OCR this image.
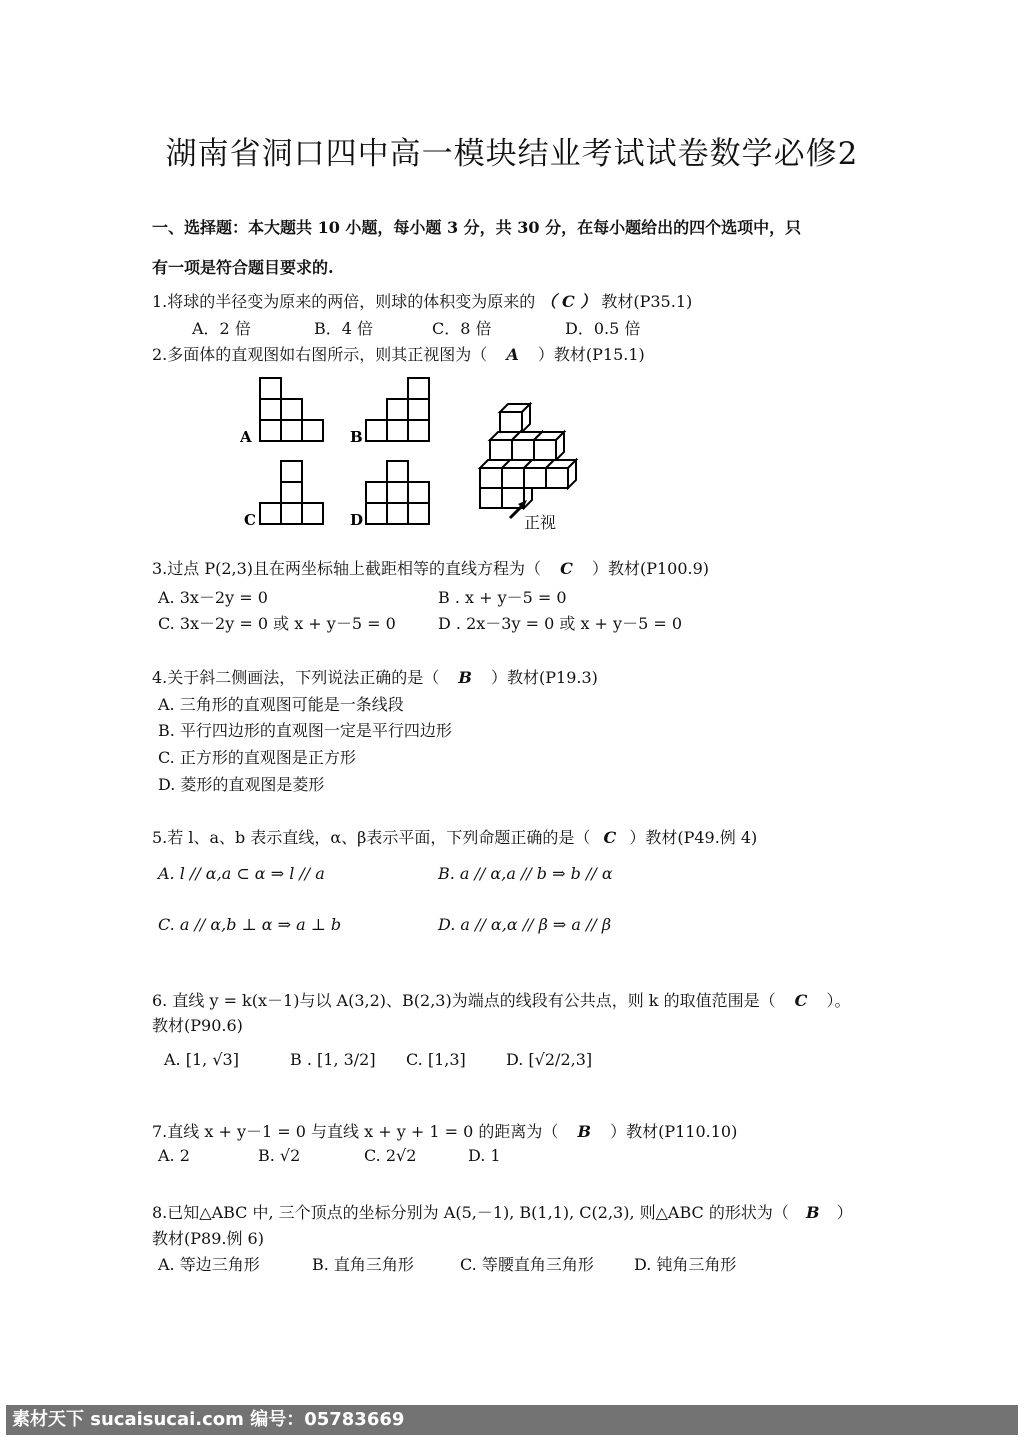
湖南省洞口四中高一模块结业考试试卷数学必修2
一、选择题：本大题共 10 小题，每小题 3 分，共 30 分，在每小题给出的四个选项中，只
有一项是符合题目要求的.
1.将球的半径变为原来的两倍，则球的体积变为原来的 （ C ） 教材(P35.1)
A．2 倍	B．4 倍	C．8 倍	D．0.5 倍
2.多面体的直观图如右图所示，则其正视图为（ A ）教材(P15.1)
A	B
C	D	正视
3.过点 P(2,3)且在两坐标轴上截距相等的直线方程为（ C ）教材(P100.9)
A. 3x－2y = 0	B . x + y－5 = 0
C. 3x－2y = 0 或 x + y－5 = 0	D . 2x－3y = 0 或 x + y－5 = 0
4.关于斜二侧画法，下列说法正确的是（ B ）教材(P19.3)
A. 三角形的直观图可能是一条线段
B. 平行四边形的直观图一定是平行四边形
C. 正方形的直观图是正方形
D. 菱形的直观图是菱形
5.若 l、a、b 表示直线，α、β表示平面，下列命题正确的是（ C ）教材(P49.例 4)
A. l // α,a ⊂ α ⇒ l // a	B. a // α,a // b ⇒ b // α
C. a // α,b ⊥ α ⇒ a ⊥ b	D. a // α,α // β ⇒ a // β
6. 直线 y = k(x－1)与以 A(3,2)、B(2,3)为端点的线段有公共点，则 k 的取值范围是（ C ）。
教材(P90.6)
A. [1, √3]	B . [1, 3/2] C. [1,3]	D. [√2/2,3]
7.直线 x + y－1 = 0 与直线 x + y + 1 = 0 的距离为（ B ）教材(P110.10)
A. 2	B. √2	C. 2√2	D. 1
8.已知△ABC 中, 三个顶点的坐标分别为 A(5,－1), B(1,1), C(2,3), 则△ABC 的形状为（ B ）
教材(P89.例 6)
A. 等边三角形	B. 直角三角形	C. 等腰直角三角形	D. 钝角三角形
素材天下 sucaisucai.com 编号：05783669
